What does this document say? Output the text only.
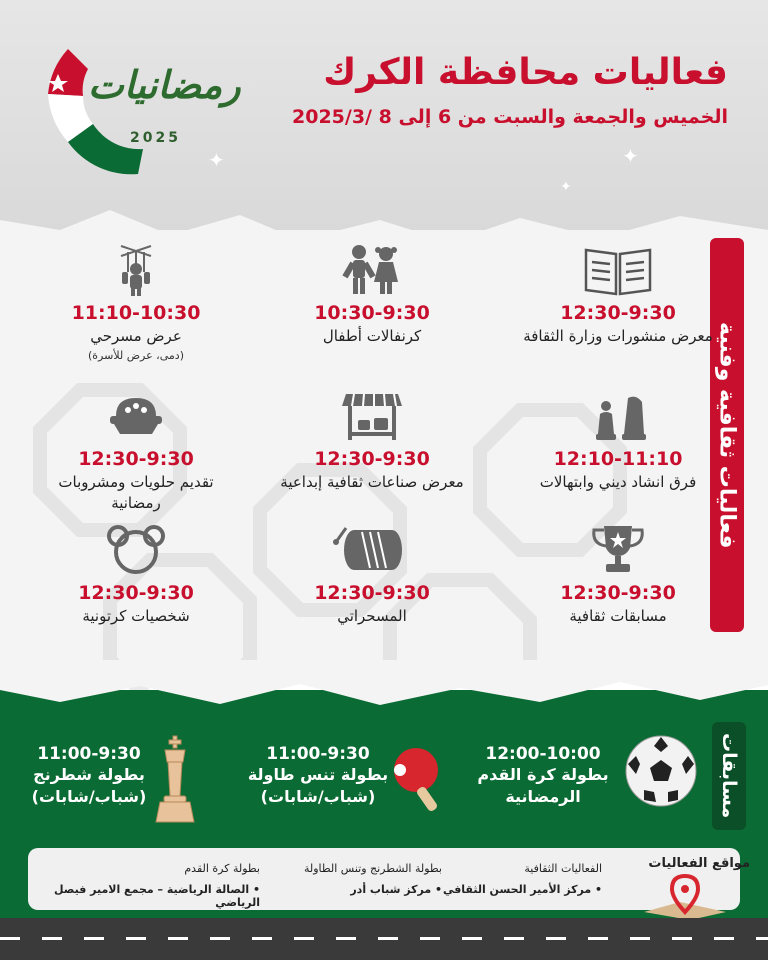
رمضانيات
2025
✦	✦
✦
فعاليات محافظة الكرك
الخميس والجمعة والسبت من 6 إلى 8 /2025/3
فعاليات ثقافية وفنية
مسابقات
12:30-9:30
معرض منشورات وزارة الثقافة
10:30-9:30
كرنفالات أطفال
11:10-10:30
عرض مسرحي
(دمى، عرض للأسرة)
12:10-11:10
فرق انشاد ديني وابتهالات
12:30-9:30
معرض صناعات ثقافية إبداعية
12:30-9:30
تقديم حلويات ومشروبات رمضانية
12:30-9:30
مسابقات ثقافية
12:30-9:30
المسحراتي
12:30-9:30
شخصيات كرتونية
12:00-10:00
بطولة كرة القدم الرمضانية
11:00-9:30
بطولة تنس طاولة (شباب/شابات)
11:00-9:30
بطولة شطرنج (شباب/شابات)
مواقع الفعاليات
الفعاليات الثقافية
• مركز الأمير الحسن الثقافي
بطولة الشطرنج وتنس الطاولة
• مركز شباب أدر
بطولة كرة القدم
• الصالة الرياضية – مجمع الامير فيصل الرياضي
